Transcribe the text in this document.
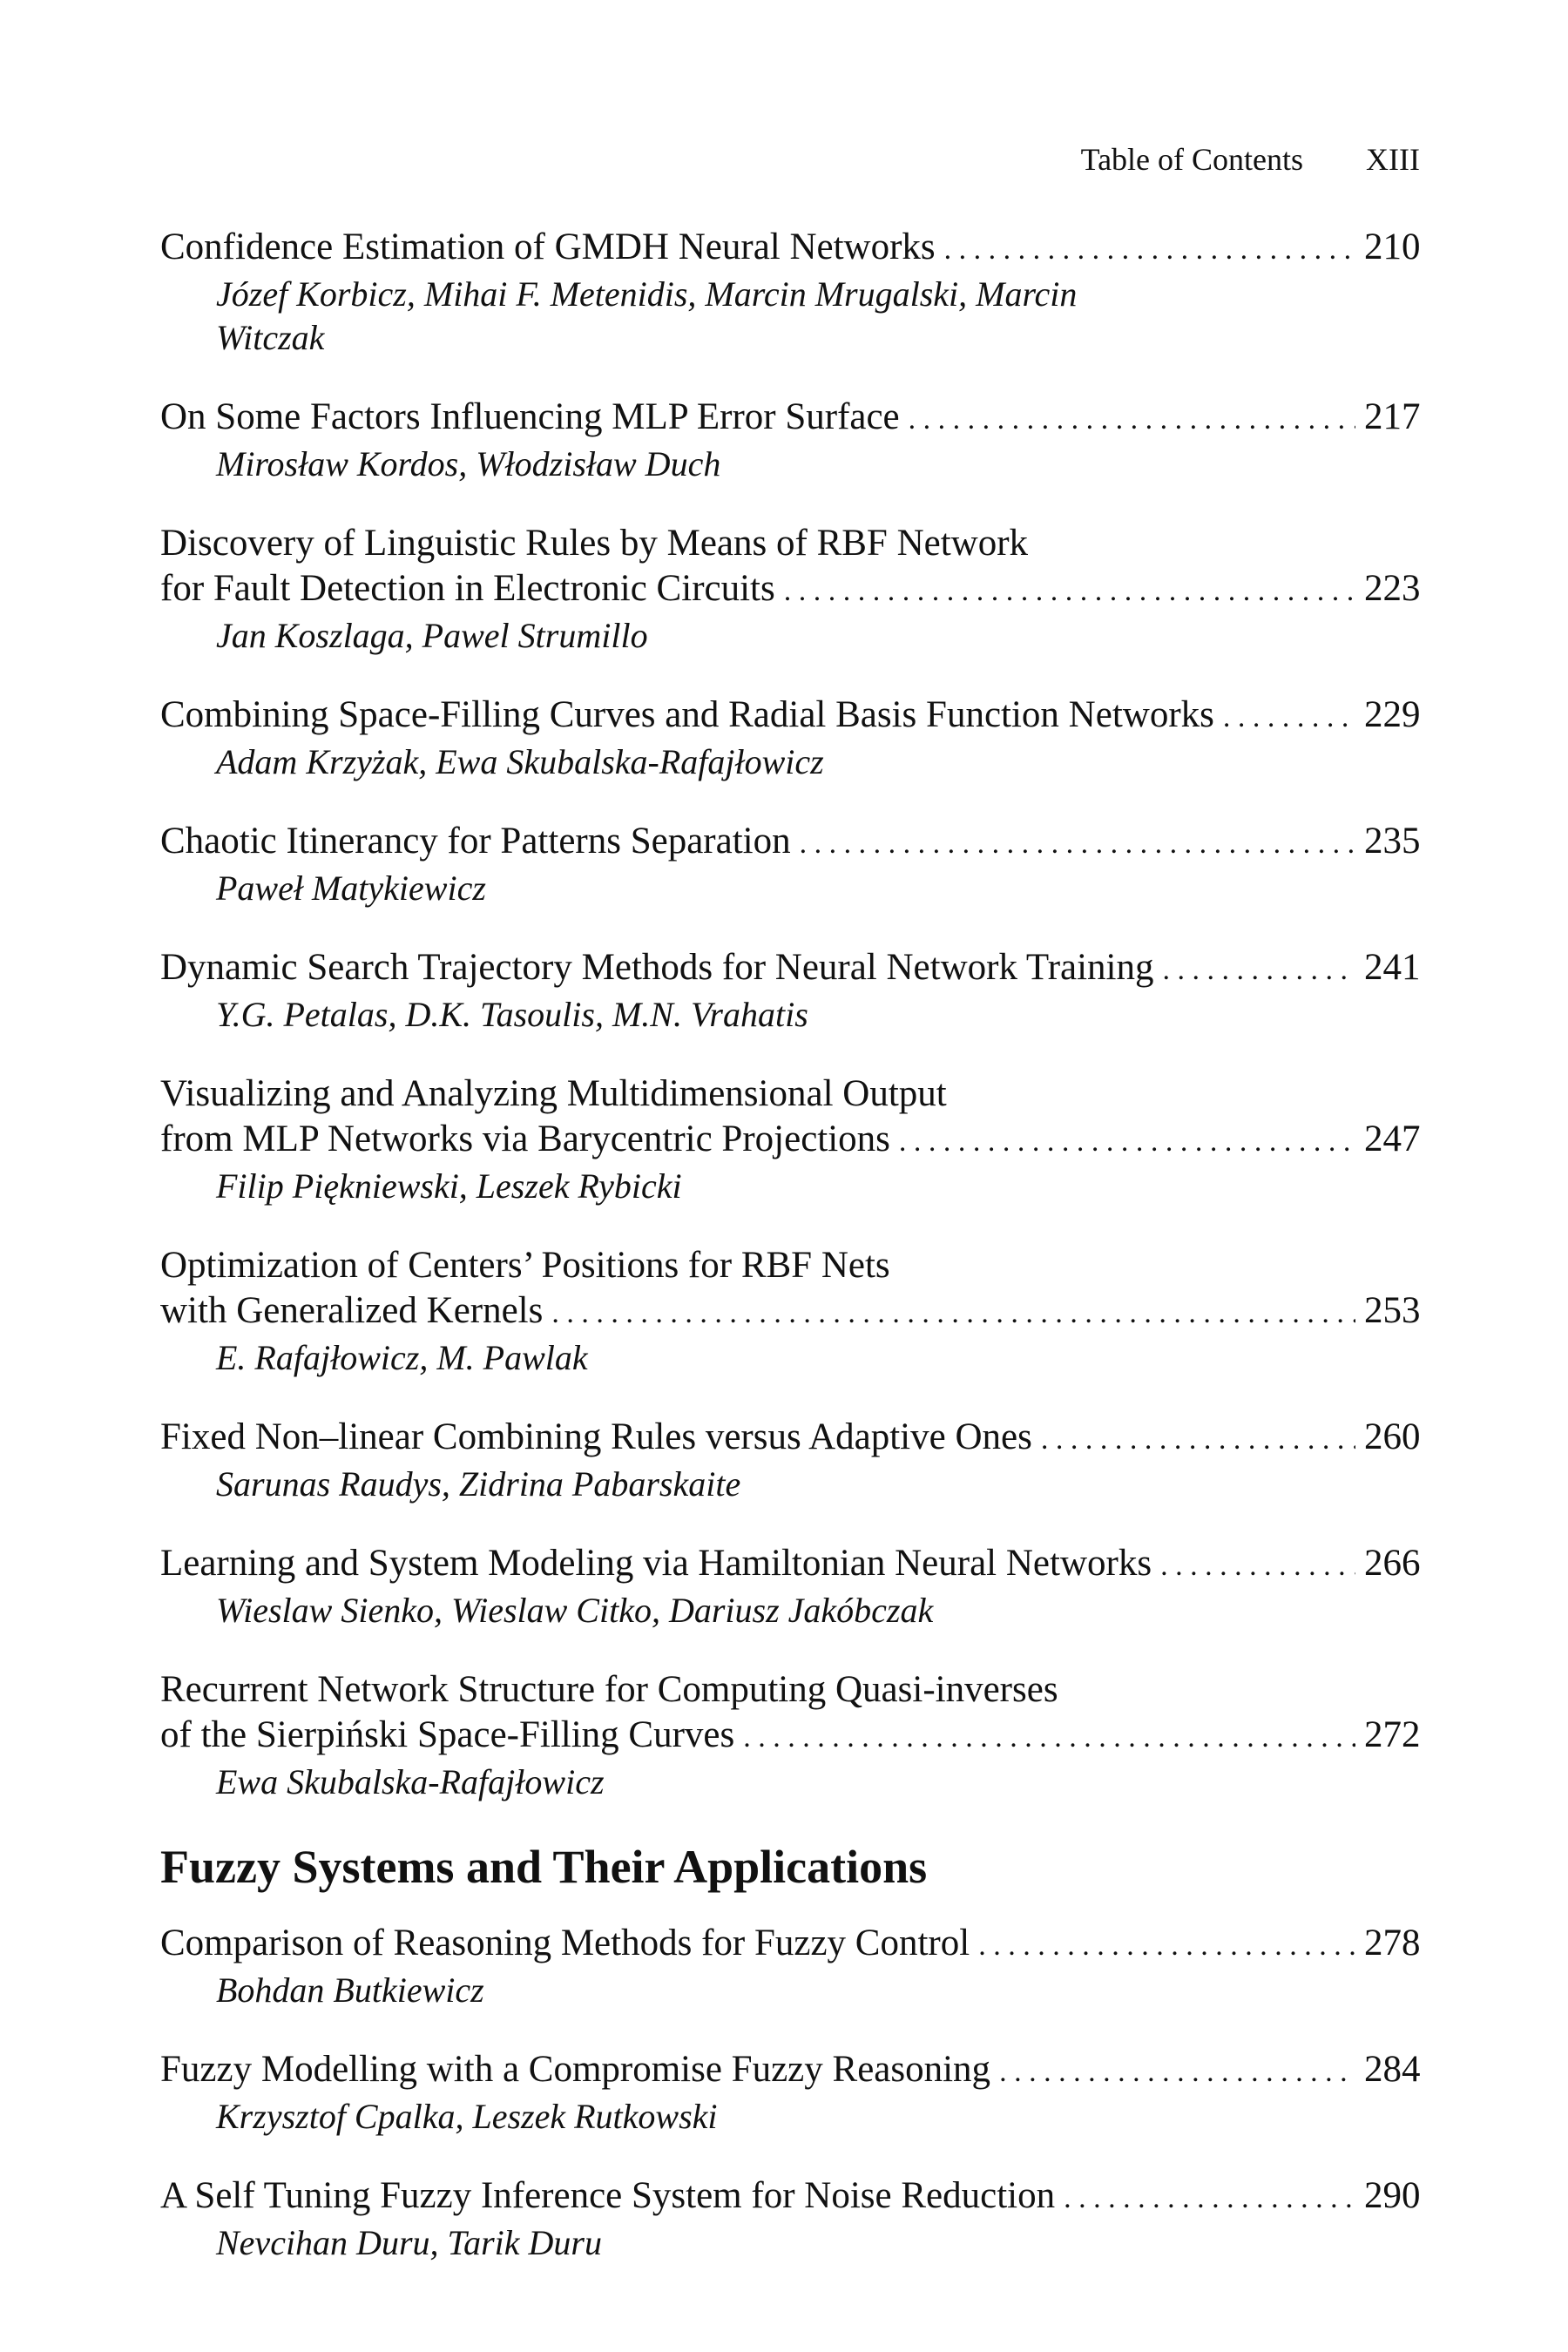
Table of Contents XIII
Confidence Estimation of GMDH Neural Networks . . .	210
Józef Korbicz, Mihai F. Metenidis, Marcin Mrugalski, Marcin Witczak
On Some Factors Influencing MLP Error Surface . . .	217
Mirosław Kordos, Włodzisław Duch
Discovery of Linguistic Rules by Means of RBF Network
for Fault Detection in Electronic Circuits . . .	223
Jan Koszlaga, Pawel Strumillo
Combining Space-Filling Curves and Radial Basis Function Networks . . .	229
Adam Krzyżak, Ewa Skubalska-Rafajłowicz
Chaotic Itinerancy for Patterns Separation . . .	235
Paweł Matykiewicz
Dynamic Search Trajectory Methods for Neural Network Training . . .	241
Y.G. Petalas, D.K. Tasoulis, M.N. Vrahatis
Visualizing and Analyzing Multidimensional Output
from MLP Networks via Barycentric Projections . . .	247
Filip Piękniewski, Leszek Rybicki
Optimization of Centers’ Positions for RBF Nets
with Generalized Kernels . . .	253
E. Rafajłowicz, M. Pawlak
Fixed Non–linear Combining Rules versus Adaptive Ones . . .	260
Sarunas Raudys, Zidrina Pabarskaite
Learning and System Modeling via Hamiltonian Neural Networks . . .	266
Wieslaw Sienko, Wieslaw Citko, Dariusz Jakóbczak
Recurrent Network Structure for Computing Quasi-inverses
of the Sierpiński Space-Filling Curves . . .	272
Ewa Skubalska-Rafajłowicz
Fuzzy Systems and Their Applications
Comparison of Reasoning Methods for Fuzzy Control . . .	278
Bohdan Butkiewicz
Fuzzy Modelling with a Compromise Fuzzy Reasoning . . .	284
Krzysztof Cpalka, Leszek Rutkowski
A Self Tuning Fuzzy Inference System for Noise Reduction . . .	290
Nevcihan Duru, Tarik Duru
